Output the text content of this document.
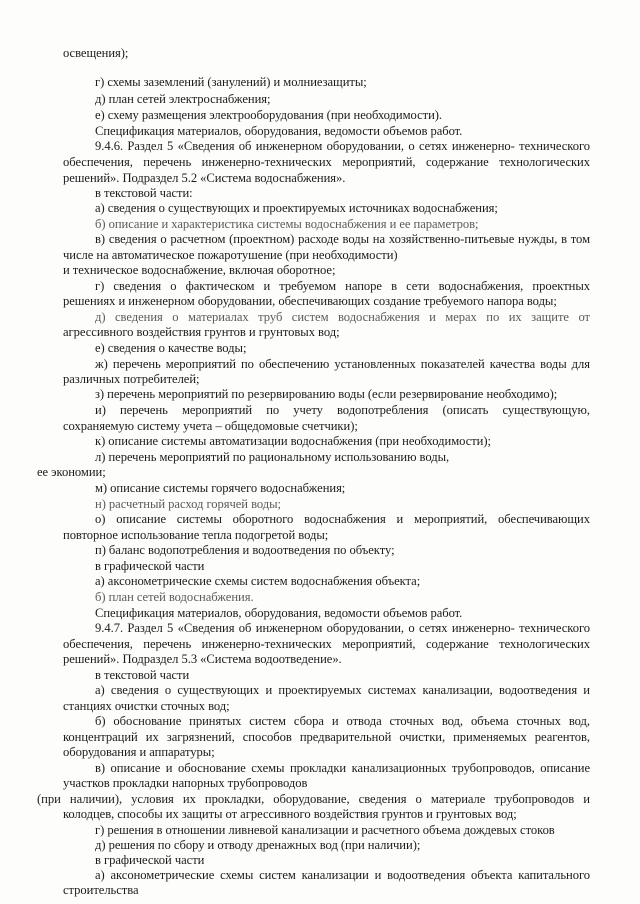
освещения);
г) схемы заземлений (занулений) и молниезащиты;
д) план сетей электроснабжения;
е) схему размещения электрооборудования (при необходимости).
Спецификация материалов, оборудования, ведомости объемов работ.
9.4.6. Раздел 5 «Сведения об инженерном оборудовании, о сетях инженерно- технического
обеспечения, перечень инженерно-технических мероприятий, содержание технологических
решений». Подраздел 5.2 «Система водоснабжения».
в текстовой части:
а) сведения о существующих и проектируемых источниках водоснабжения;
б) описание и характеристика системы водоснабжения и ее параметров;
в) сведения о расчетном (проектном) расходе воды на хозяйственно-питьевые нужды, в том
числе на автоматическое пожаротушение (при необходимости)
и техническое водоснабжение, включая оборотное;
г) сведения о фактическом и требуемом напоре в сети водоснабжения, проектных
решениях и инженерном оборудовании, обеспечивающих создание требуемого напора воды;
д) сведения о материалах труб систем водоснабжения и мерах по их защите от
агрессивного воздействия грунтов и грунтовых вод;
е) сведения о качестве воды;
ж) перечень мероприятий по обеспечению установленных показателей качества воды для
различных потребителей;
з) перечень мероприятий по резервированию воды (если резервирование необходимо);
и) перечень мероприятий по учету водопотребления (описать существующую,
сохраняемую систему учета – общедомовые счетчики);
к) описание системы автоматизации водоснабжения (при необходимости);
л) перечень мероприятий по рациональному использованию воды,
ее экономии;
м) описание системы горячего водоснабжения;
н) расчетный расход горячей воды;
о) описание системы оборотного водоснабжения и мероприятий, обеспечивающих
повторное использование тепла подогретой воды;
п) баланс водопотребления и водоотведения по объекту;
в графической части
а) аксонометрические схемы систем водоснабжения объекта;
б) план сетей водоснабжения.
Спецификация материалов, оборудования, ведомости объемов работ.
9.4.7. Раздел 5 «Сведения об инженерном оборудовании, о сетях инженерно- технического
обеспечения, перечень инженерно-технических мероприятий, содержание технологических
решений». Подраздел 5.3 «Система водоотведение».
в текстовой части
а) сведения о существующих и проектируемых системах канализации, водоотведения и
станциях очистки сточных вод;
б) обоснование принятых систем сбора и отвода сточных вод, объема сточных вод,
концентраций их загрязнений, способов предварительной очистки, применяемых реагентов,
оборудования и аппаратуры;
в) описание и обоснование схемы прокладки канализационных трубопроводов, описание
участков прокладки напорных трубопроводов
(при наличии), условия их прокладки, оборудование, сведения о материале трубопроводов и
колодцев, способы их защиты от агрессивного воздействия грунтов и грунтовых вод;
г) решения в отношении ливневой канализации и расчетного объема дождевых стоков
д) решения по сбору и отводу дренажных вод (при наличии);
в графической части
а) аксонометрические схемы систем канализации и водоотведения объекта капитального
строительства
